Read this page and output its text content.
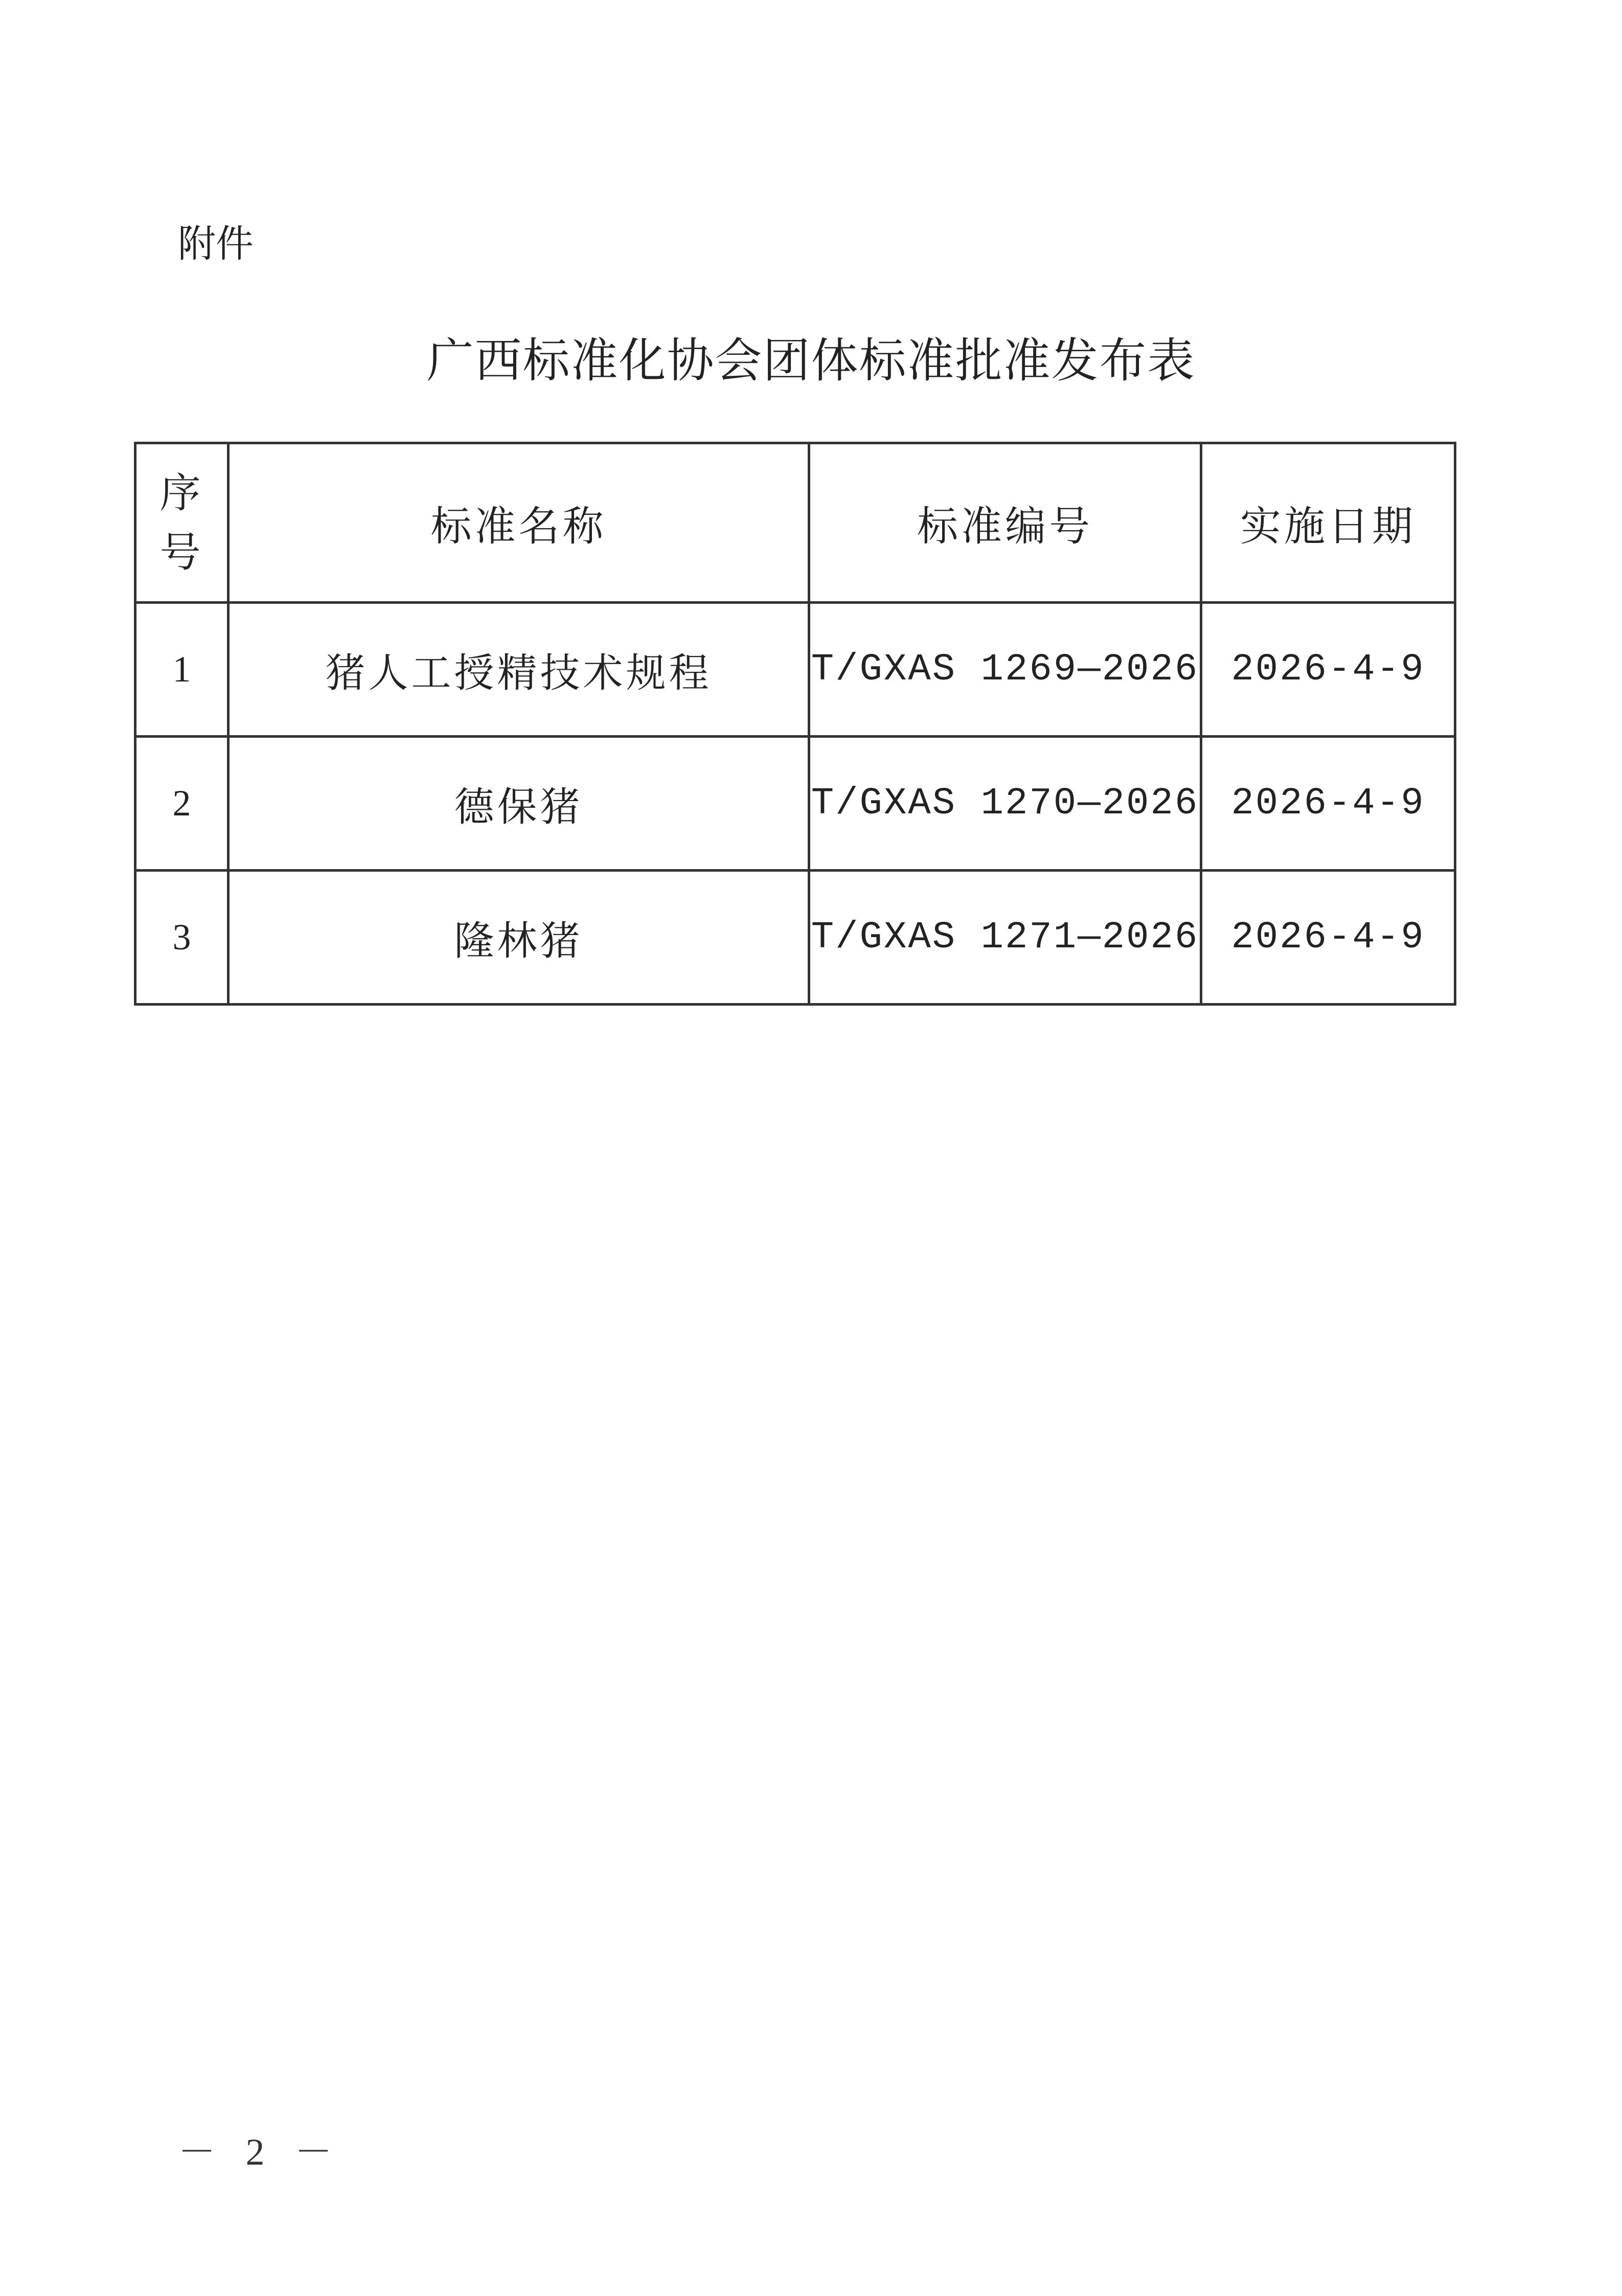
附件
广西标准化协会团体标准批准发布表
序
号	标准名称	标准编号	实施日期
1	猪人工授精技术规程	T/GXAS 1269—2026	2026-4-9
2	德保猪	T/GXAS 1270—2026	2026-4-9
3	隆林猪	T/GXAS 1271—2026	2026-4-9
－ 2 －
